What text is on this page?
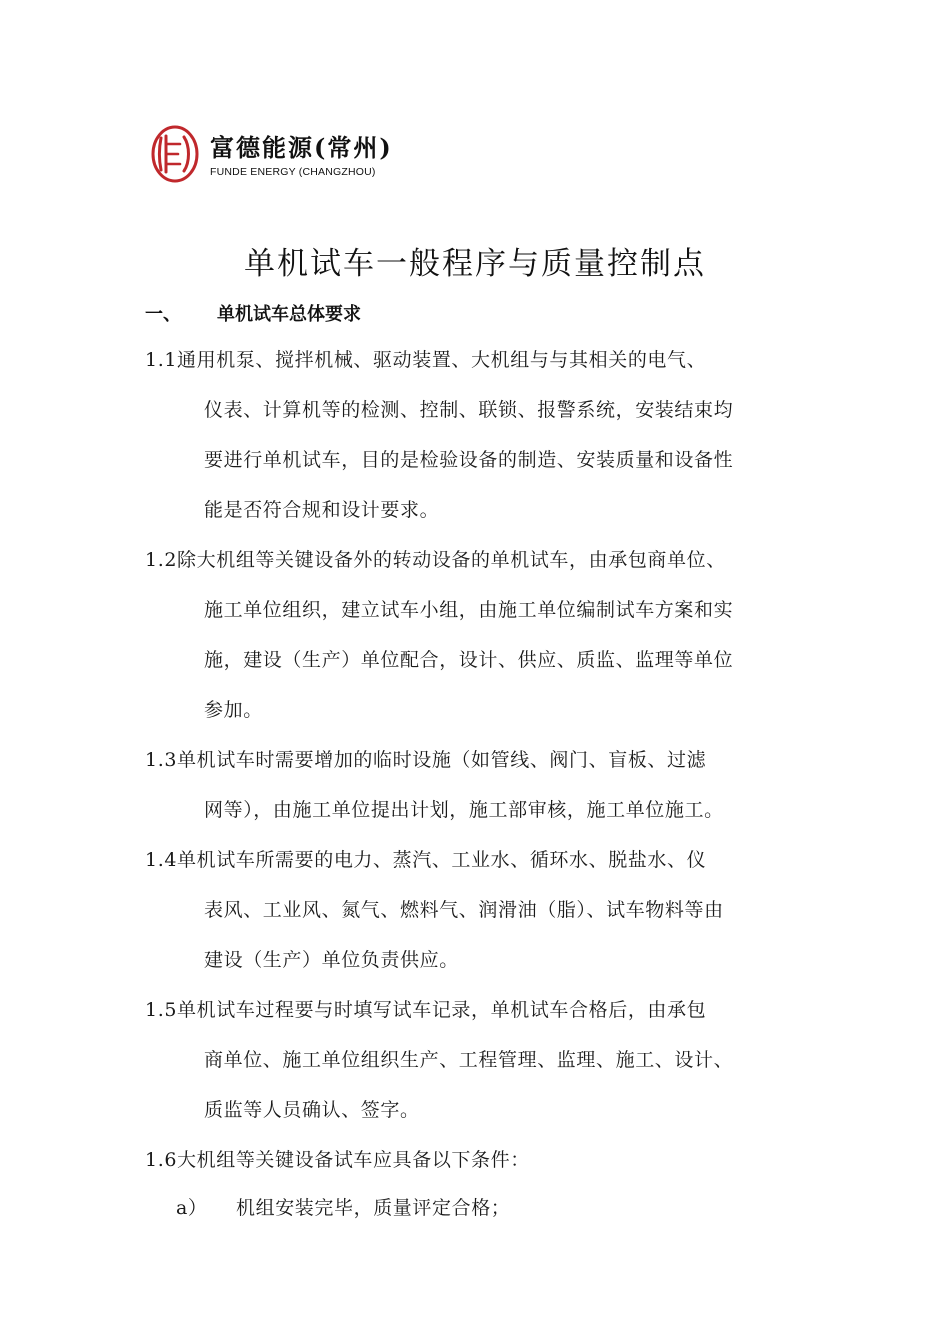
富德能源(常州)
FUNDE ENERGY (CHANGZHOU)
单机试车一般程序与质量控制点
一、 单机试车总体要求
1.1通用机泵、搅拌机械、驱动装置、大机组与与其相关的电气、
仪表、计算机等的检测、控制、联锁、报警系统，安装结束均
要进行单机试车，目的是检验设备的制造、安装质量和设备性
能是否符合规和设计要求。
1.2除大机组等关键设备外的转动设备的单机试车，由承包商单位、
施工单位组织，建立试车小组，由施工单位编制试车方案和实
施，建设（生产）单位配合，设计、供应、质监、监理等单位
参加。
1.3单机试车时需要增加的临时设施（如管线、阀门、盲板、过滤
网等），由施工单位提出计划，施工部审核，施工单位施工。
1.4单机试车所需要的电力、蒸汽、工业水、循环水、脱盐水、仪
表风、工业风、氮气、燃料气、润滑油（脂）、试车物料等由
建设（生产）单位负责供应。
1.5单机试车过程要与时填写试车记录，单机试车合格后，由承包
商单位、施工单位组织生产、工程管理、监理、施工、设计、
质监等人员确认、签字。
1.6大机组等关键设备试车应具备以下条件：
a） 机组安装完毕，质量评定合格；
